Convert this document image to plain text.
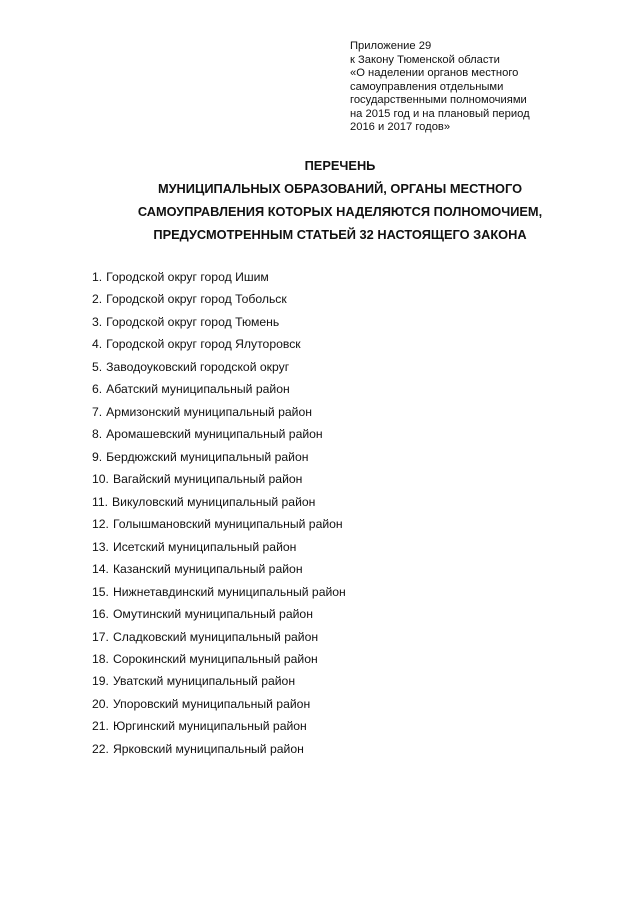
Приложение 29
к Закону Тюменской области
«О наделении органов местного
самоуправления отдельными
государственными полномочиями
на 2015 год и на плановый период
2016 и 2017 годов»
ПЕРЕЧЕНЬ
МУНИЦИПАЛЬНЫХ ОБРАЗОВАНИЙ, ОРГАНЫ МЕСТНОГО
САМОУПРАВЛЕНИЯ КОТОРЫХ НАДЕЛЯЮТСЯ ПОЛНОМОЧИЕМ,
ПРЕДУСМОТРЕННЫМ СТАТЬЕЙ 32 НАСТОЯЩЕГО ЗАКОНА
1. Городской округ город Ишим
2. Городской округ город Тобольск
3. Городской округ город Тюмень
4. Городской округ город Ялуторовск
5. Заводоуковский городской округ
6. Абатский муниципальный район
7. Армизонский муниципальный район
8. Аромашевский муниципальный район
9. Бердюжский муниципальный район
10. Вагайский муниципальный район
11. Викуловский муниципальный район
12. Голышмановский муниципальный район
13. Исетский муниципальный район
14. Казанский муниципальный район
15. Нижнетавдинский муниципальный район
16. Омутинский муниципальный район
17. Сладковский муниципальный район
18. Сорокинский муниципальный район
19. Уватский муниципальный район
20. Упоровский муниципальный район
21. Юргинский муниципальный район
22. Ярковский муниципальный район
